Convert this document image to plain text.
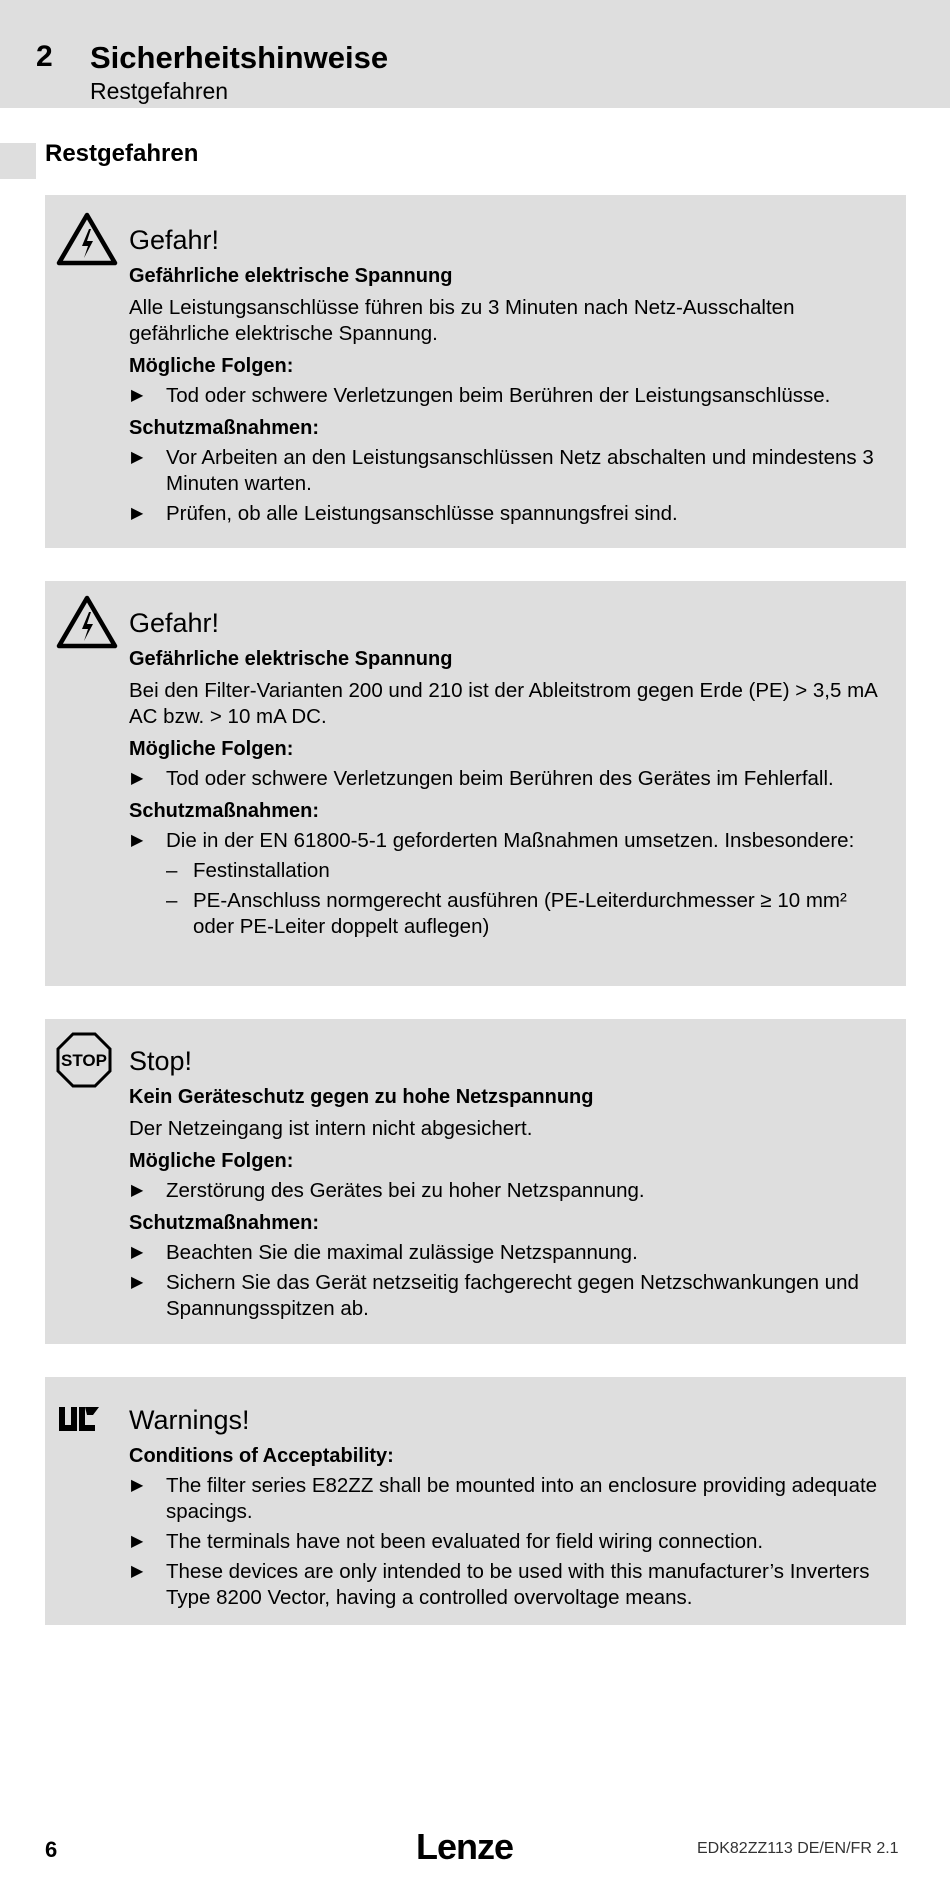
2 Sicherheitshinweise
Restgefahren
Restgefahren
Gefahr!
Gefährliche elektrische Spannung
Alle Leistungsanschlüsse führen bis zu 3 Minuten nach Netz-Ausschalten gefährliche elektrische Spannung.
Mögliche Folgen:
▶ Tod oder schwere Verletzungen beim Berühren der Leistungsanschlüsse.
Schutzmaßnahmen:
▶ Vor Arbeiten an den Leistungsanschlüssen Netz abschalten und mindestens 3 Minuten warten.
▶ Prüfen, ob alle Leistungsanschlüsse spannungsfrei sind.
Gefahr!
Gefährliche elektrische Spannung
Bei den Filter-Varianten 200 und 210 ist der Ableitstrom gegen Erde (PE) > 3,5 mA AC bzw. > 10 mA DC.
Mögliche Folgen:
▶ Tod oder schwere Verletzungen beim Berühren des Gerätes im Fehlerfall.
Schutzmaßnahmen:
▶ Die in der EN 61800-5-1 geforderten Maßnahmen umsetzen. Insbesondere:
– Festinstallation
– PE-Anschluss normgerecht ausführen (PE-Leiterdurchmesser ≥ 10 mm² oder PE-Leiter doppelt auflegen)
STOP Stop!
Kein Geräteschutz gegen zu hohe Netzspannung
Der Netzeingang ist intern nicht abgesichert.
Mögliche Folgen:
▶ Zerstörung des Gerätes bei zu hoher Netzspannung.
Schutzmaßnahmen:
▶ Beachten Sie die maximal zulässige Netzspannung.
▶ Sichern Sie das Gerät netzseitig fachgerecht gegen Netzschwankungen und Spannungsspitzen ab.
Warnings!
Conditions of Acceptability:
▶ The filter series E82ZZ shall be mounted into an enclosure providing adequate spacings.
▶ The terminals have not been evaluated for field wiring connection.
▶ These devices are only intended to be used with this manufacturer’s Inverters Type 8200 Vector, having a controlled overvoltage means.
6	Lenze	EDK82ZZ113 DE/EN/FR 2.1
